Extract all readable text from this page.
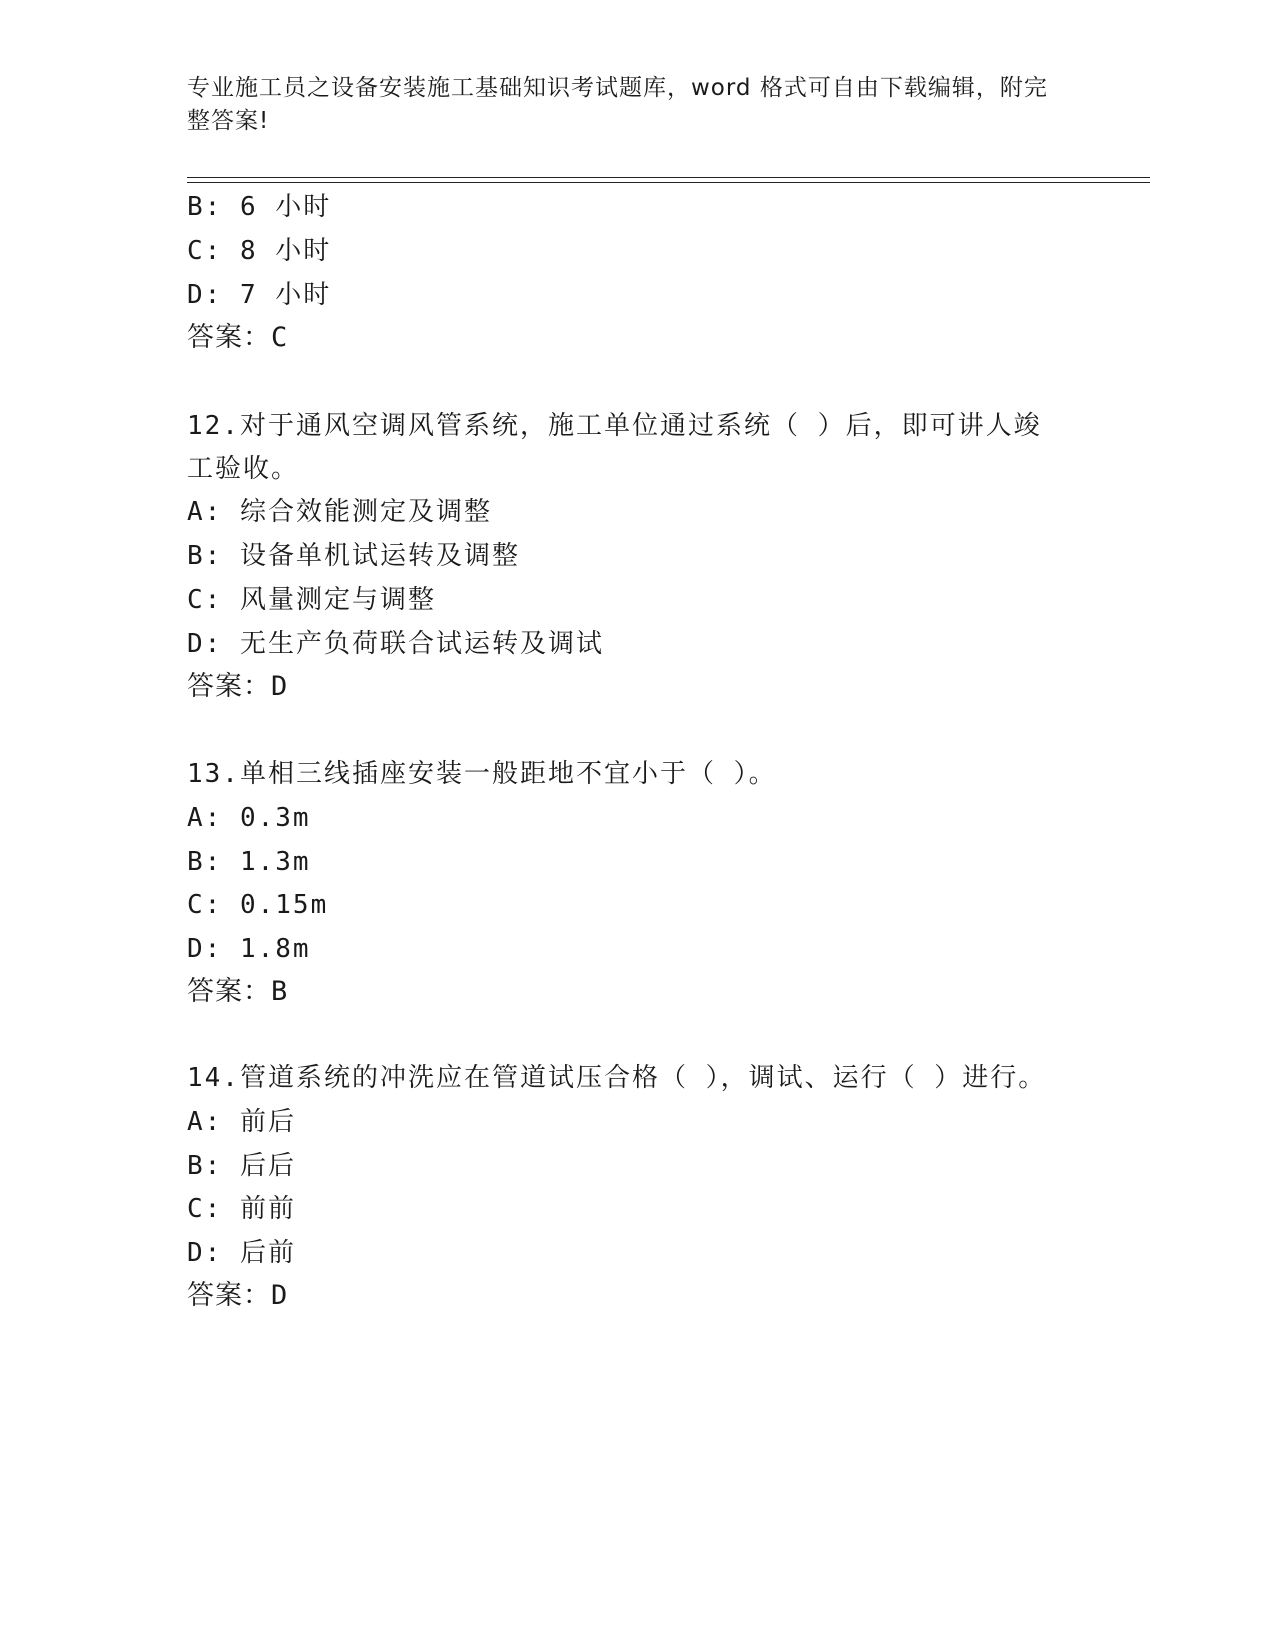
专业施工员之设备安装施工基础知识考试题库，word 格式可自由下载编辑，附完
整答案!
B: 6 小时
C: 8 小时
D: 7 小时
答案：C
12.对于通风空调风管系统，施工单位通过系统（ ）后，即可讲人竣
工验收。
A: 综合效能测定及调整
B: 设备单机试运转及调整
C: 风量测定与调整
D: 无生产负荷联合试运转及调试
答案：D
13.单相三线插座安装一般距地不宜小于（ ）。
A: 0.3m
B: 1.3m
C: 0.15m
D: 1.8m
答案：B
14.管道系统的冲洗应在管道试压合格（ ），调试、运行（ ）进行。
A: 前后
B: 后后
C: 前前
D: 后前
答案：D
